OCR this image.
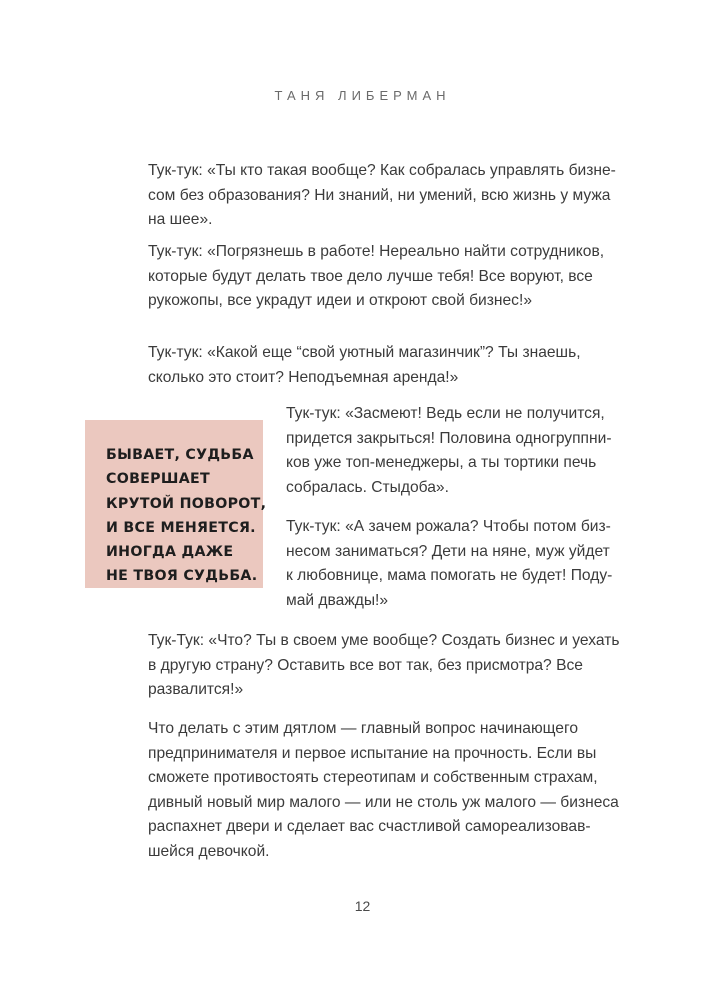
ТАНЯ ЛИБЕРМАН
Тук-тук: «Ты кто такая вообще? Как собралась управлять бизне-
сом без образования? Ни знаний, ни умений, всю жизнь у мужа
на шее».
Тук-тук: «Погрязнешь в работе! Нереально найти сотрудников,
которые будут делать твое дело лучше тебя! Все воруют, все
рукожопы, все украдут идеи и откроют свой бизнес!»
Тук-тук: «Какой еще “свой уютный магазинчик”? Ты знаешь,
сколько это стоит? Неподъемная аренда!»
Тук-тук: «Засмеют! Ведь если не получится,
придется закрыться! Половина одногруппни-
ков уже топ-менеджеры, а ты тортики печь
собралась. Стыдоба».
Тук-тук: «А зачем рожала? Чтобы потом биз-
несом заниматься? Дети на няне, муж уйдет
к любовнице, мама помогать не будет! Поду-
май дважды!»
БЫВАЕТ, СУДЬБА
СОВЕРШАЕТ
КРУТОЙ ПОВОРОТ,
И ВСЕ МЕНЯЕТСЯ.
ИНОГДА ДАЖЕ
НЕ ТВОЯ СУДЬБА.
Тук-Тук: «Что? Ты в своем уме вообще? Создать бизнес и уехать
в другую страну? Оставить все вот так, без присмотра? Все
развалится!»
Что делать с этим дятлом — главный вопрос начинающего
предпринимателя и первое испытание на прочность. Если вы
сможете противостоять стереотипам и собственным страхам,
дивный новый мир малого — или не столь уж малого — бизнеса
распахнет двери и сделает вас счастливой самореализовав-
шейся девочкой.
12
